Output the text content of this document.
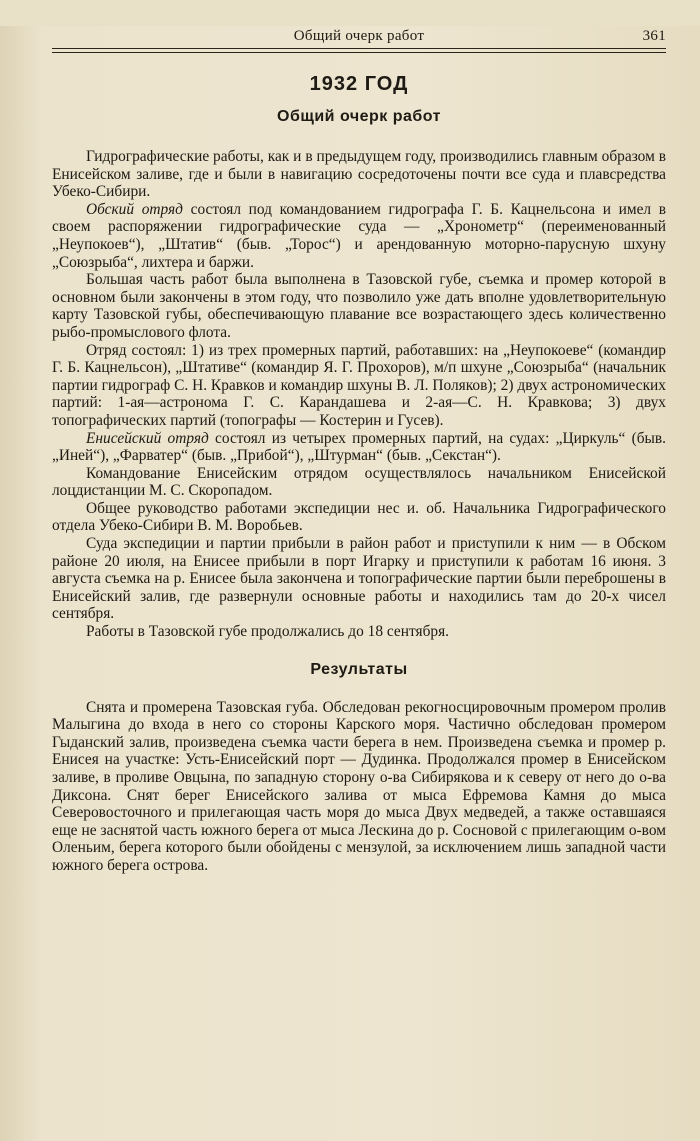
Общий очерк работ	361
1932 ГОД
Общий очерк работ

Гидрографические работы, как и в предыдущем году, производились главным образом в Енисейском заливе, где и были в навигацию сосредоточены почти все суда и плавсредства Убеко-Сибири.

Обский отряд состоял под командованием гидрографа Г. Б. Кацнельсона и имел в своем распоряжении гидрографические суда — „Хронометр“ (переименованный „Неупокоев“), „Штатив“ (быв. „Торос“) и арендованную моторно-парусную шхуну „Союзрыба“, лихтера и баржи.

Большая часть работ была выполнена в Тазовской губе, съемка и промер которой в основном были закончены в этом году, что позволило уже дать вполне удовлетворительную карту Тазовской губы, обеспечивающую плавание все возрастающего здесь количественно рыбо-промыслового флота.

Отряд состоял: 1) из трех промерных партий, работавших: на „Неупокоеве“ (командир Г. Б. Кацнельсон), „Штативе“ (командир Я. Г. Прохоров), м/п шхуне „Союзрыба“ (начальник партии гидрограф С. Н. Кравков и командир шхуны В. Л. Поляков); 2) двух астрономических партий: 1-ая—астронома Г. С. Карандашева и 2-ая—С. Н. Кравкова; 3) двух топографических партий (топографы — Костерин и Гусев).

Енисейский отряд состоял из четырех промерных партий, на судах: „Циркуль“ (быв. „Иней“), „Фарватер“ (быв. „Прибой“), „Штурман“ (быв. „Секстан“).

Командование Енисейским отрядом осуществлялось начальником Енисейской лоцдистанции М. С. Скоропадом.

Общее руководство работами экспедиции нес и. об. Начальника Гидрографического отдела Убеко-Сибири В. М. Воробьев.

Суда экспедиции и партии прибыли в район работ и приступили к ним — в Обском районе 20 июля, на Енисее прибыли в порт Игарку и приступили к работам 16 июня. 3 августа съемка на р. Енисее была закончена и топографические партии были переброшены в Енисейский залив, где развернули основные работы и находились там до 20-х чисел сентября.

Работы в Тазовской губе продолжались до 18 сентября.

Результаты

Снята и промерена Тазовская губа. Обследован рекогносцировочным промером пролив Малыгина до входа в него со стороны Карского моря. Частично обследован промером Гыданский залив, произведена съемка части берега в нем. Произведена съемка и промер р. Енисея на участке: Усть-Енисейский порт — Дудинка. Продолжался промер в Енисейском заливе, в проливе Овцына, по западную сторону о-ва Сибирякова и к северу от него до о-ва Диксона. Снят берег Енисейского залива от мыса Ефремова Камня до мыса Северовосточного и прилегающая часть моря до мыса Двух медведей, а также оставшаяся еще не заснятой часть южного берега от мыса Лескина до р. Сосновой с прилегающим о-вом Оленьим, берега которого были обойдены с мензулой, за исключением лишь западной части южного берега острова.
